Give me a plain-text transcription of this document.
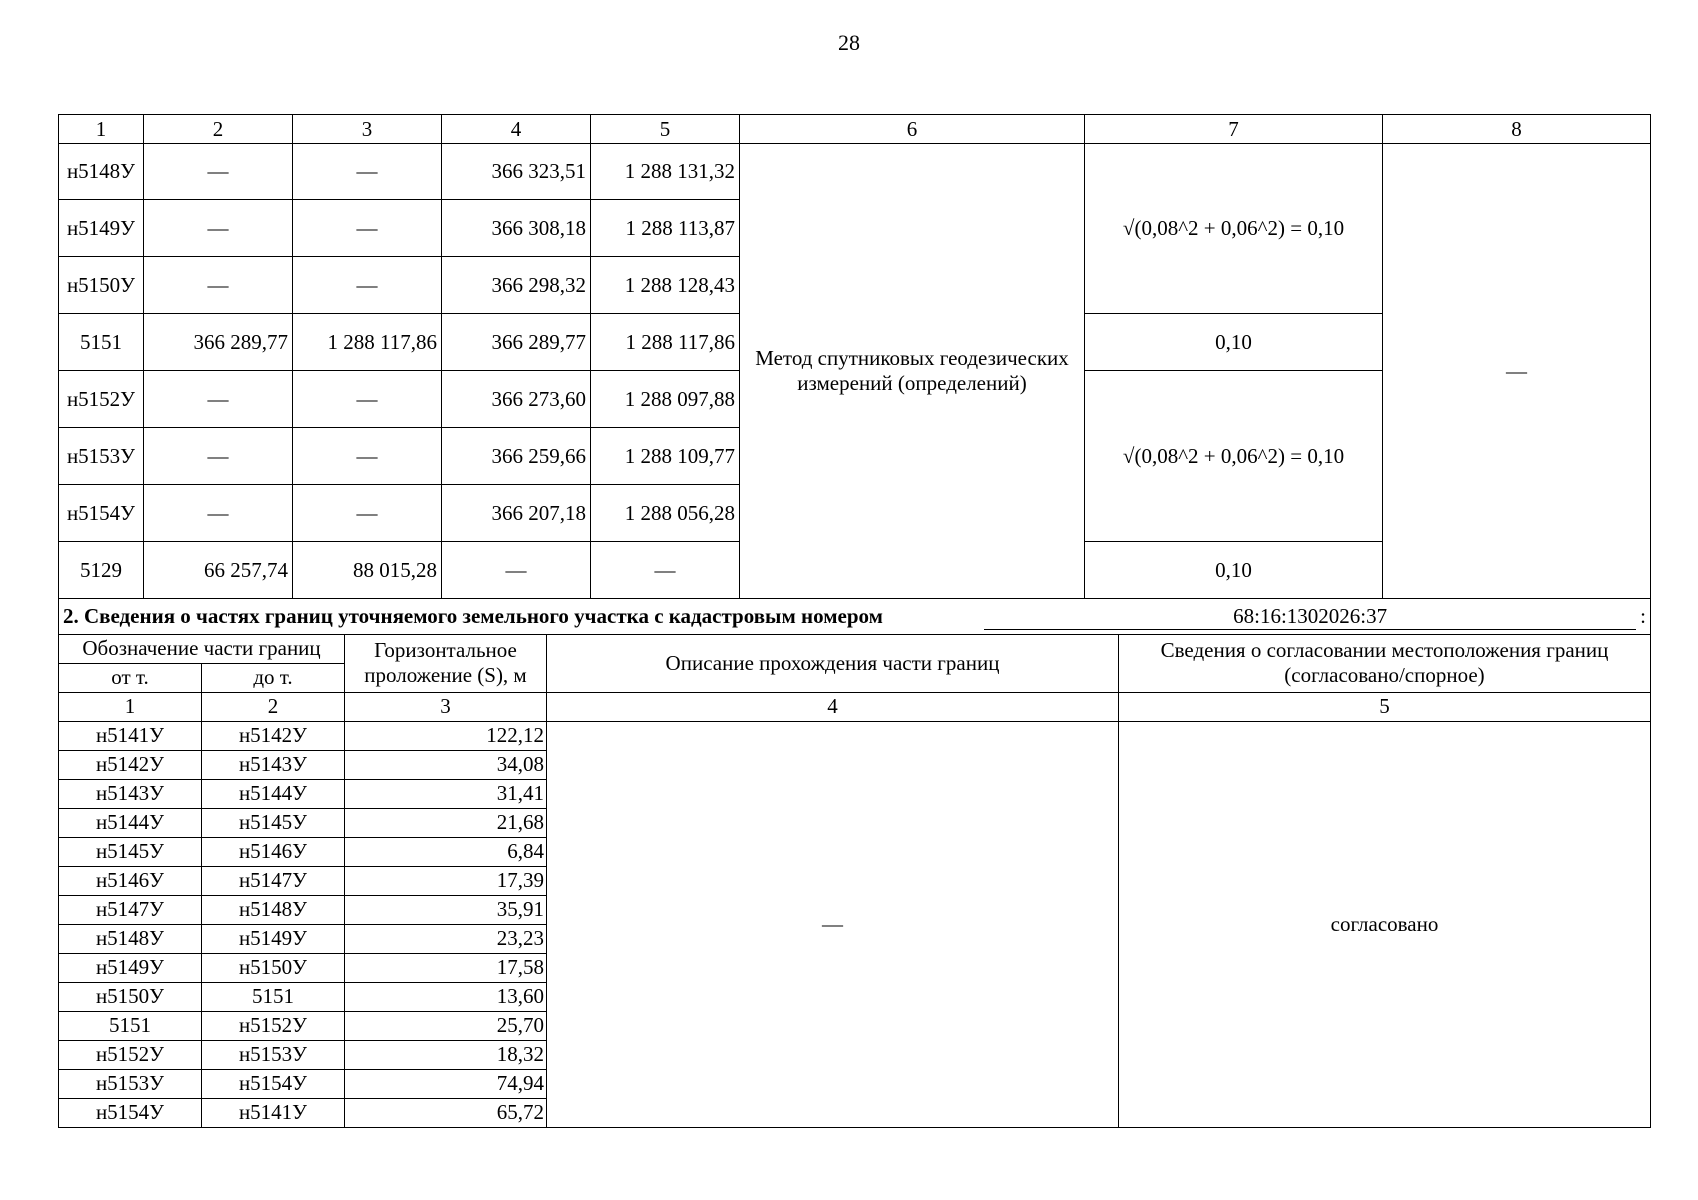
28
1	2	3	4	5	6	7	8
н5148У	—	—	366 323,51	1 288 131,32	Метод спутниковых геодезических измерений (определений)	√(0,08^2 + 0,06^2) = 0,10	—
н5149У	—	—	366 308,18	1 288 113,87			
н5150У	—	—	366 298,32	1 288 128,43			
5151	366 289,77	1 288 117,86	366 289,77	1 288 117,86		0,10	
н5152У	—	—	366 273,60	1 288 097,88		√(0,08^2 + 0,06^2) = 0,10	
н5153У	—	—	366 259,66	1 288 109,77			
н5154У	—	—	366 207,18	1 288 056,28			
5129	66 257,74	88 015,28	—	—		0,10	

2. Сведения о частях границ уточняемого земельного участка с кадастровым номером 68:16:1302026:37 :							
Обозначение части границ		Горизонтальное проложение (S), м	Описание прохождения части границ	Сведения о согласовании местоположения границ (согласовано/спорное)
от т.	до т.			
1	2	3	4	5
н5141У	н5142У	122,12	—	согласовано
н5142У	н5143У	34,08		
н5143У	н5144У	31,41		
н5144У	н5145У	21,68		
н5145У	н5146У	6,84		
н5146У	н5147У	17,39		
н5147У	н5148У	35,91		
н5148У	н5149У	23,23		
н5149У	н5150У	17,58		
н5150У	5151	13,60		
5151	н5152У	25,70		
н5152У	н5153У	18,32		
н5153У	н5154У	74,94		
н5154У	н5141У	65,72		
